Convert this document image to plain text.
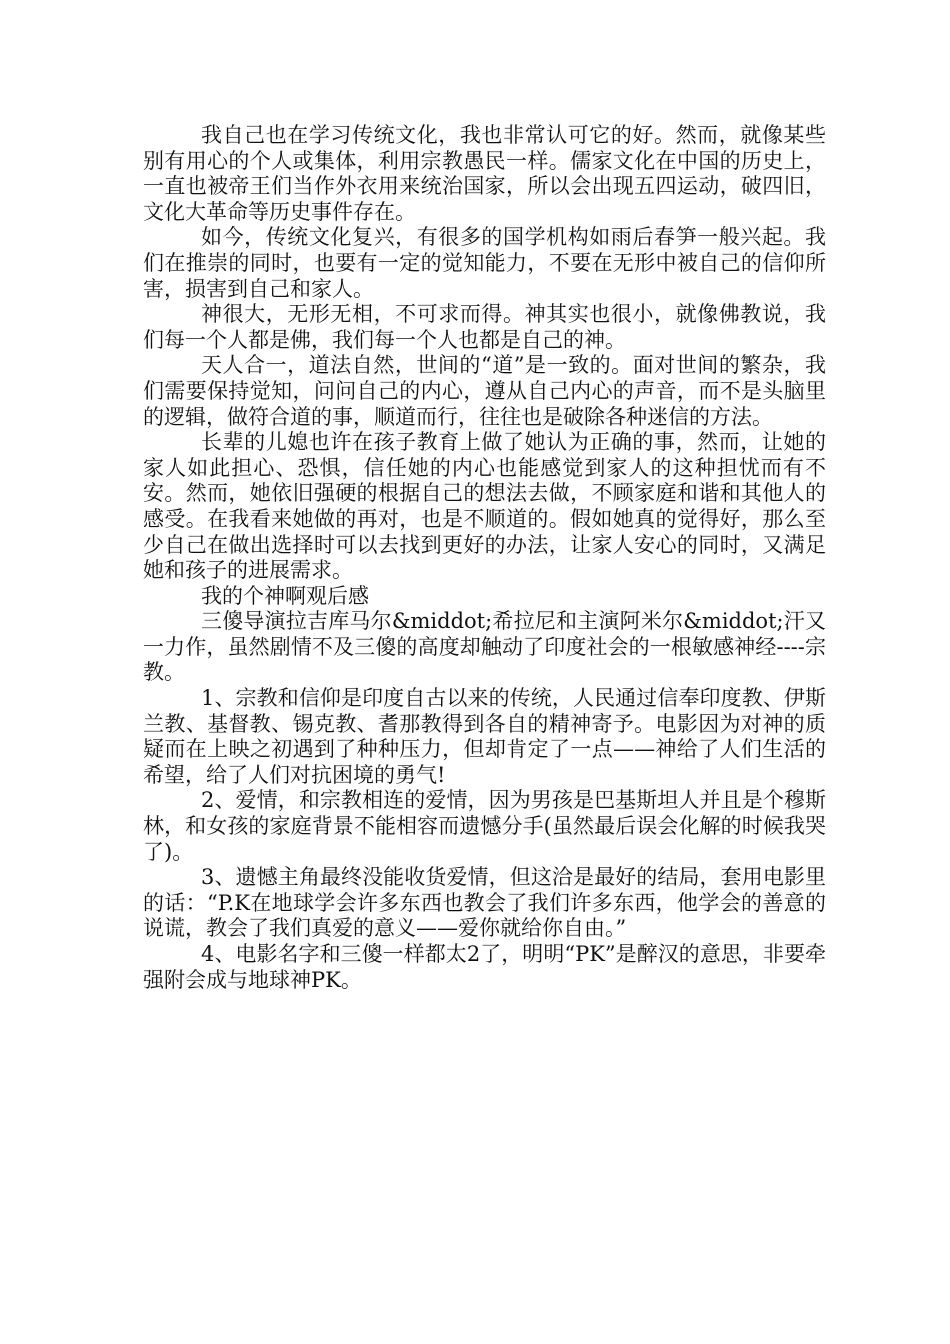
我自己也在学习传统文化，我也非常认可它的好。然而，就像某些别有用心的个人或集体，利用宗教愚民一样。儒家文化在中国的历史上，一直也被帝王们当作外衣用来统治国家，所以会出现五四运动，破四旧，文化大革命等历史事件存在。

如今，传统文化复兴，有很多的国学机构如雨后春笋一般兴起。我们在推崇的同时，也要有一定的觉知能力，不要在无形中被自己的信仰所害，损害到自己和家人。

神很大，无形无相，不可求而得。神其实也很小，就像佛教说，我们每一个人都是佛，我们每一个人也都是自己的神。

天人合一，道法自然，世间的“道”是一致的。面对世间的繁杂，我们需要保持觉知，问问自己的内心，遵从自己内心的声音，而不是头脑里的逻辑，做符合道的事，顺道而行，往往也是破除各种迷信的方法。

长辈的儿媳也许在孩子教育上做了她认为正确的事，然而，让她的家人如此担心、恐惧，信任她的内心也能感觉到家人的这种担忧而有不安。然而，她依旧强硬的根据自己的想法去做，不顾家庭和谐和其他人的感受。在我看来她做的再对，也是不顺道的。假如她真的觉得好，那么至少自己在做出选择时可以去找到更好的办法，让家人安心的同时，又满足她和孩子的进展需求。

我的个神啊观后感

三傻导演拉吉库马尔&middot;希拉尼和主演阿米尔&middot;汗又一力作，虽然剧情不及三傻的高度却触动了印度社会的一根敏感神经----宗教。

1、宗教和信仰是印度自古以来的传统，人民通过信奉印度教、伊斯兰教、基督教、锡克教、耆那教得到各自的精神寄予。电影因为对神的质疑而在上映之初遇到了种种压力，但却肯定了一点——神给了人们生活的希望，给了人们对抗困境的勇气!

2、爱情，和宗教相连的爱情，因为男孩是巴基斯坦人并且是个穆斯林，和女孩的家庭背景不能相容而遗憾分手(虽然最后误会化解的时候我哭了)。

3、遗憾主角最终没能收货爱情，但这洽是最好的结局，套用电影里的话：“P.K在地球学会许多东西也教会了我们许多东西，他学会的善意的说谎，教会了我们真爱的意义——爱你就给你自由。”

4、电影名字和三傻一样都太2了，明明“PK”是醉汉的意思，非要牵强附会成与地球神PK。
